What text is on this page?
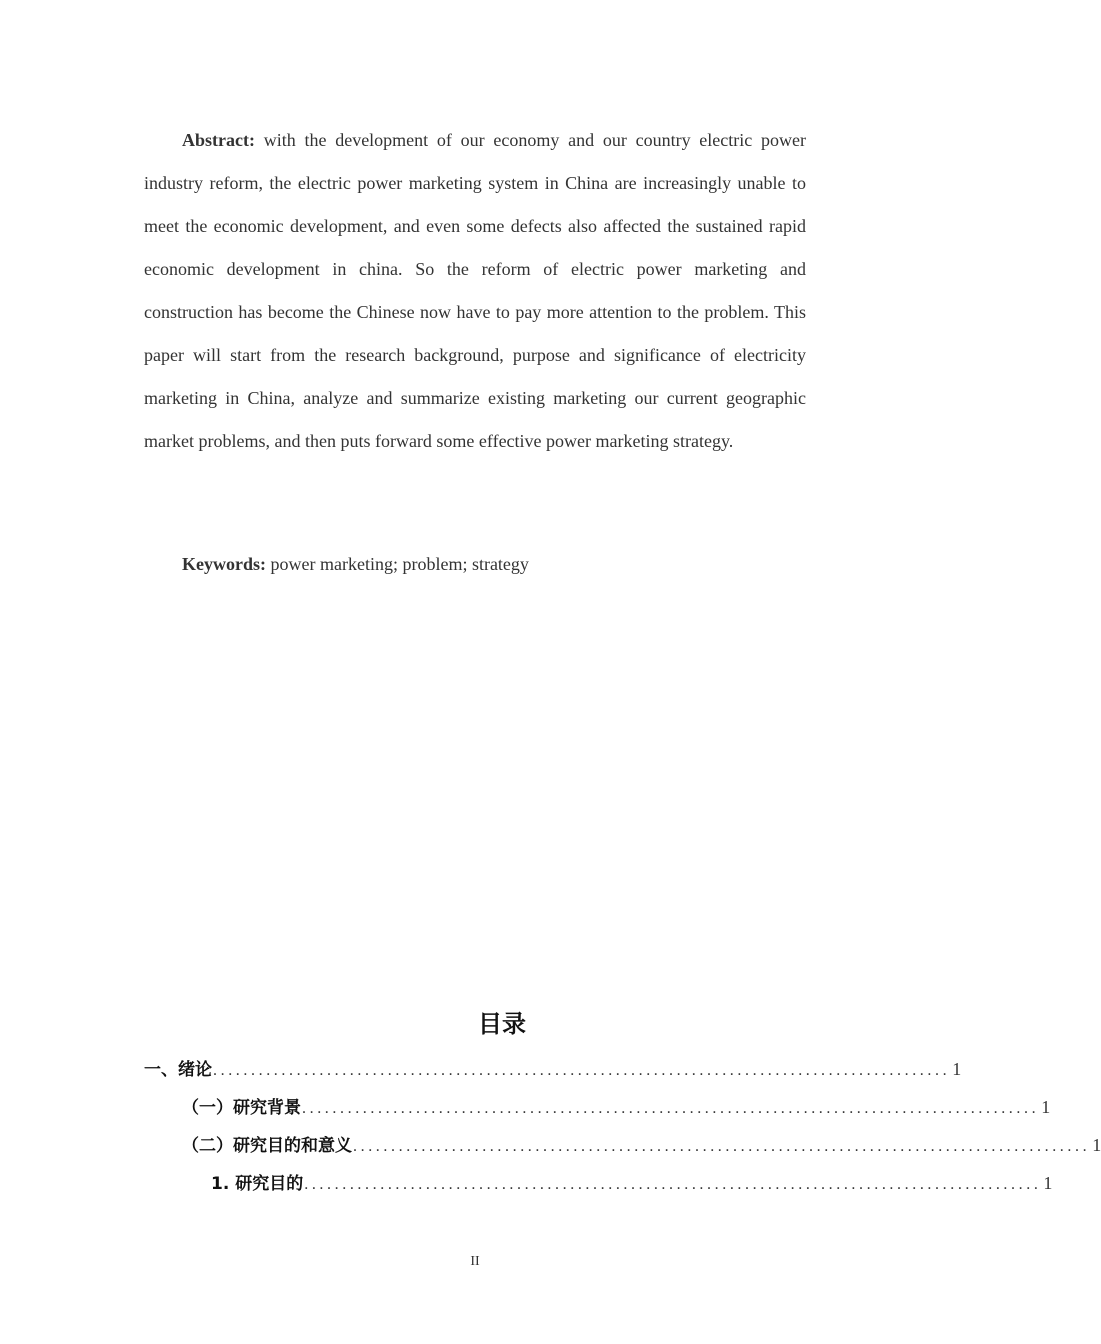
Abstract: with the development of our economy and our country electric power industry reform, the electric power marketing system in China are increasingly unable to meet the economic development, and even some defects also affected the sustained rapid economic development in china. So the reform of electric power marketing and construction has become the Chinese now have to pay more attention to the problem. This paper will start from the research background, purpose and significance of electricity marketing in China, analyze and summarize existing marketing our current geographic market problems, and then puts forward some effective power marketing strategy.

Keywords: power marketing; problem; strategy

目录
一、绪论 ................................................................................................. 1
（一）研究背景 ................................................................................................. 1
（二）研究目的和意义 ................................................................................................. 1
1. 研究目的 ................................................................................................. 1
II
